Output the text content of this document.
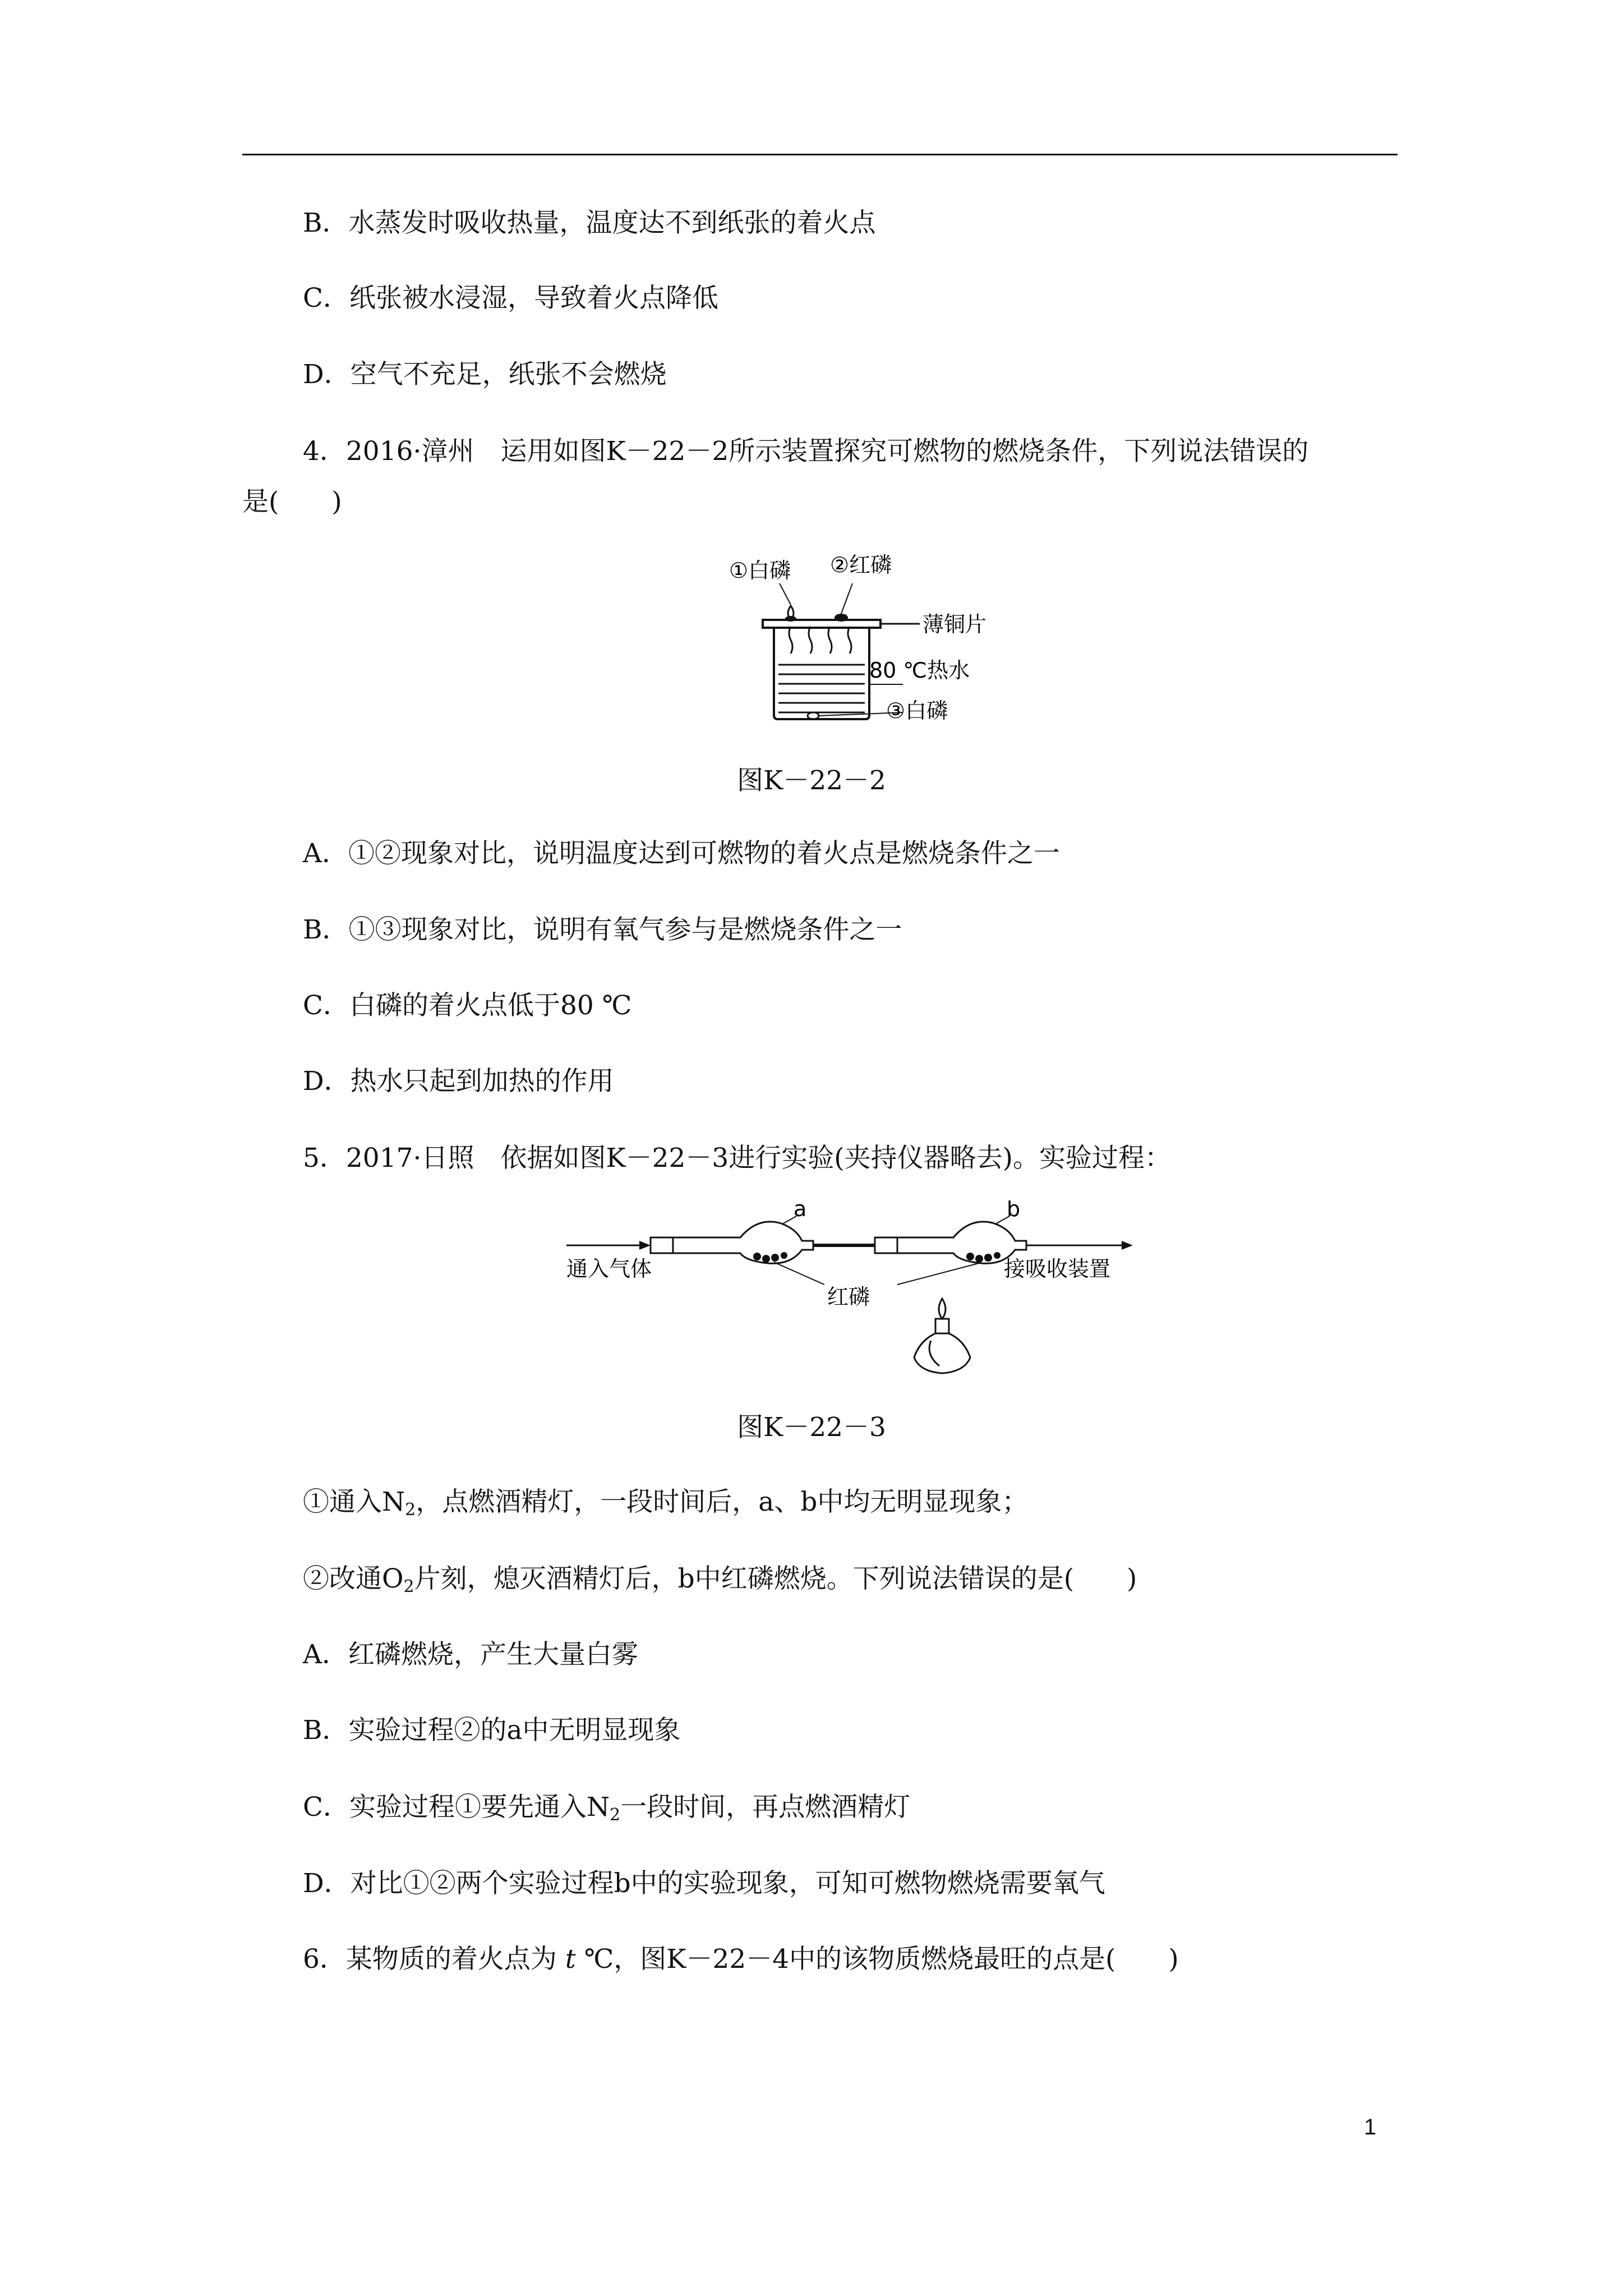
B．水蒸发时吸收热量，温度达不到纸张的着火点
C．纸张被水浸湿，导致着火点降低
D．空气不充足，纸张不会燃烧
4．2016·漳州　运用如图K－22－2所示装置探究可燃物的燃烧条件，下列说法错误的
是(　　)
①白磷 ②红磷
薄铜片
80 ℃热水
③白磷
图K－22－2
A．①②现象对比，说明温度达到可燃物的着火点是燃烧条件之一
B．①③现象对比，说明有氧气参与是燃烧条件之一
C．白磷的着火点低于80 ℃
D．热水只起到加热的作用
5．2017·日照　依据如图K－22－3进行实验(夹持仪器略去)。实验过程：
a	b
通入气体	接吸收装置
红磷
图K－22－3
①通入$N_2$，点燃酒精灯，一段时间后，a、b中均无明显现象；
②改通$O_2$片刻，熄灭酒精灯后，b中红磷燃烧。下列说法错误的是(　　)
A．红磷燃烧，产生大量白雾
B．实验过程②的a中无明显现象
C．实验过程①要先通入$N_2$一段时间，再点燃酒精灯
D．对比①②两个实验过程b中的实验现象，可知可燃物燃烧需要氧气
6．某物质的着火点为 t ℃，图K－22－4中的该物质燃烧最旺的点是(　　)
1
